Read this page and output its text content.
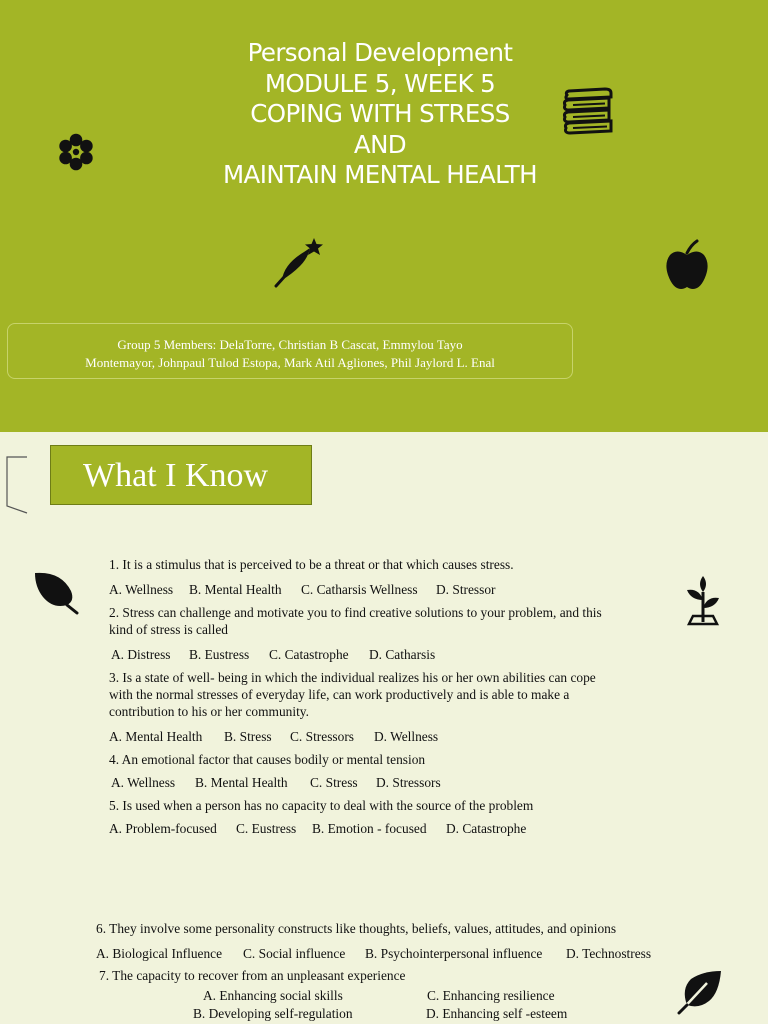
Personal Development
MODULE 5, WEEK 5
COPING WITH STRESS
AND
MAINTAIN MENTAL HEALTH
Group 5 Members: DelaTorre, Christian B Cascat, Emmylou Tayo
Montemayor, Johnpaul Tulod Estopa, Mark Atil Agliones, Phil Jaylord L. Enal
What I Know
1. It is a stimulus that is perceived to be a threat or that which causes stress.
A. Wellness B. Mental Health C. Catharsis Wellness D. Stressor
2. Stress can challenge and motivate you to find creative solutions to your problem, and this
kind of stress is called
A. Distress B. Eustress C. Catastrophe D. Catharsis
3. Is a state of well- being in which the individual realizes his or her own abilities can cope
with the normal stresses of everyday life, can work productively and is able to make a
contribution to his or her community.
A. Mental Health B. Stress C. Stressors D. Wellness
4. An emotional factor that causes bodily or mental tension
A. Wellness B. Mental Health C. Stress D. Stressors
5. Is used when a person has no capacity to deal with the source of the problem
A. Problem-focused C. Eustress B. Emotion - focused D. Catastrophe
6. They involve some personality constructs like thoughts, beliefs, values, attitudes, and opinions
A. Biological Influence C. Social influence B. Psychointerpersonal influence D. Technostress
7. The capacity to recover from an unpleasant experience
A. Enhancing social skills	C. Enhancing resilience
B. Developing self-regulation	D. Enhancing self -esteem
